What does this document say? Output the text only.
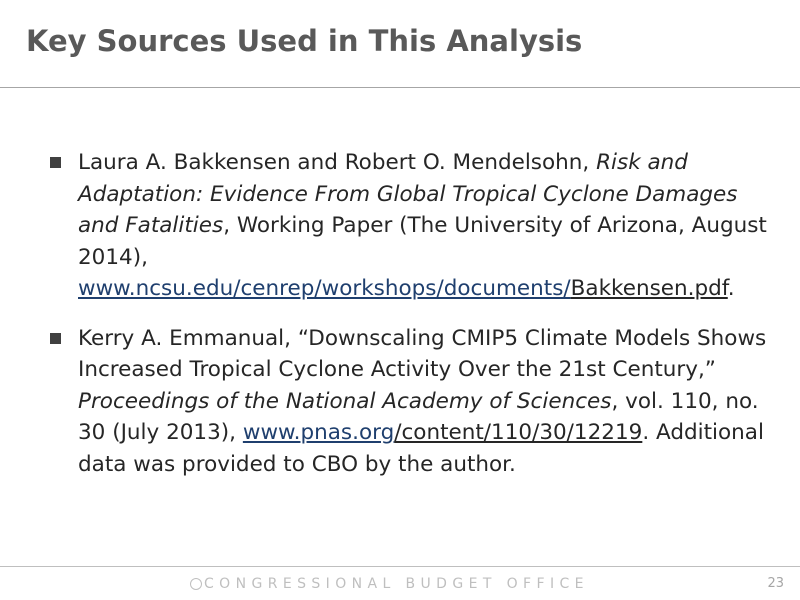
Key Sources Used in This Analysis
Laura A. Bakkensen and Robert O. Mendelsohn, Risk and Adaptation: Evidence From Global Tropical Cyclone Damages and Fatalities, Working Paper (The University of Arizona, August 2014), www.ncsu.edu/cenrep/workshops/documents/Bakkensen.pdf.
Kerry A. Emmanual, “Downscaling CMIP5 Climate Models Shows Increased Tropical Cyclone Activity Over the 21st Century,” Proceedings of the National Academy of Sciences, vol. 110, no. 30 (July 2013), www.pnas.org/content/110/30/12219. Additional data was provided to CBO by the author.
CONGRESSIONAL BUDGET OFFICE	23
